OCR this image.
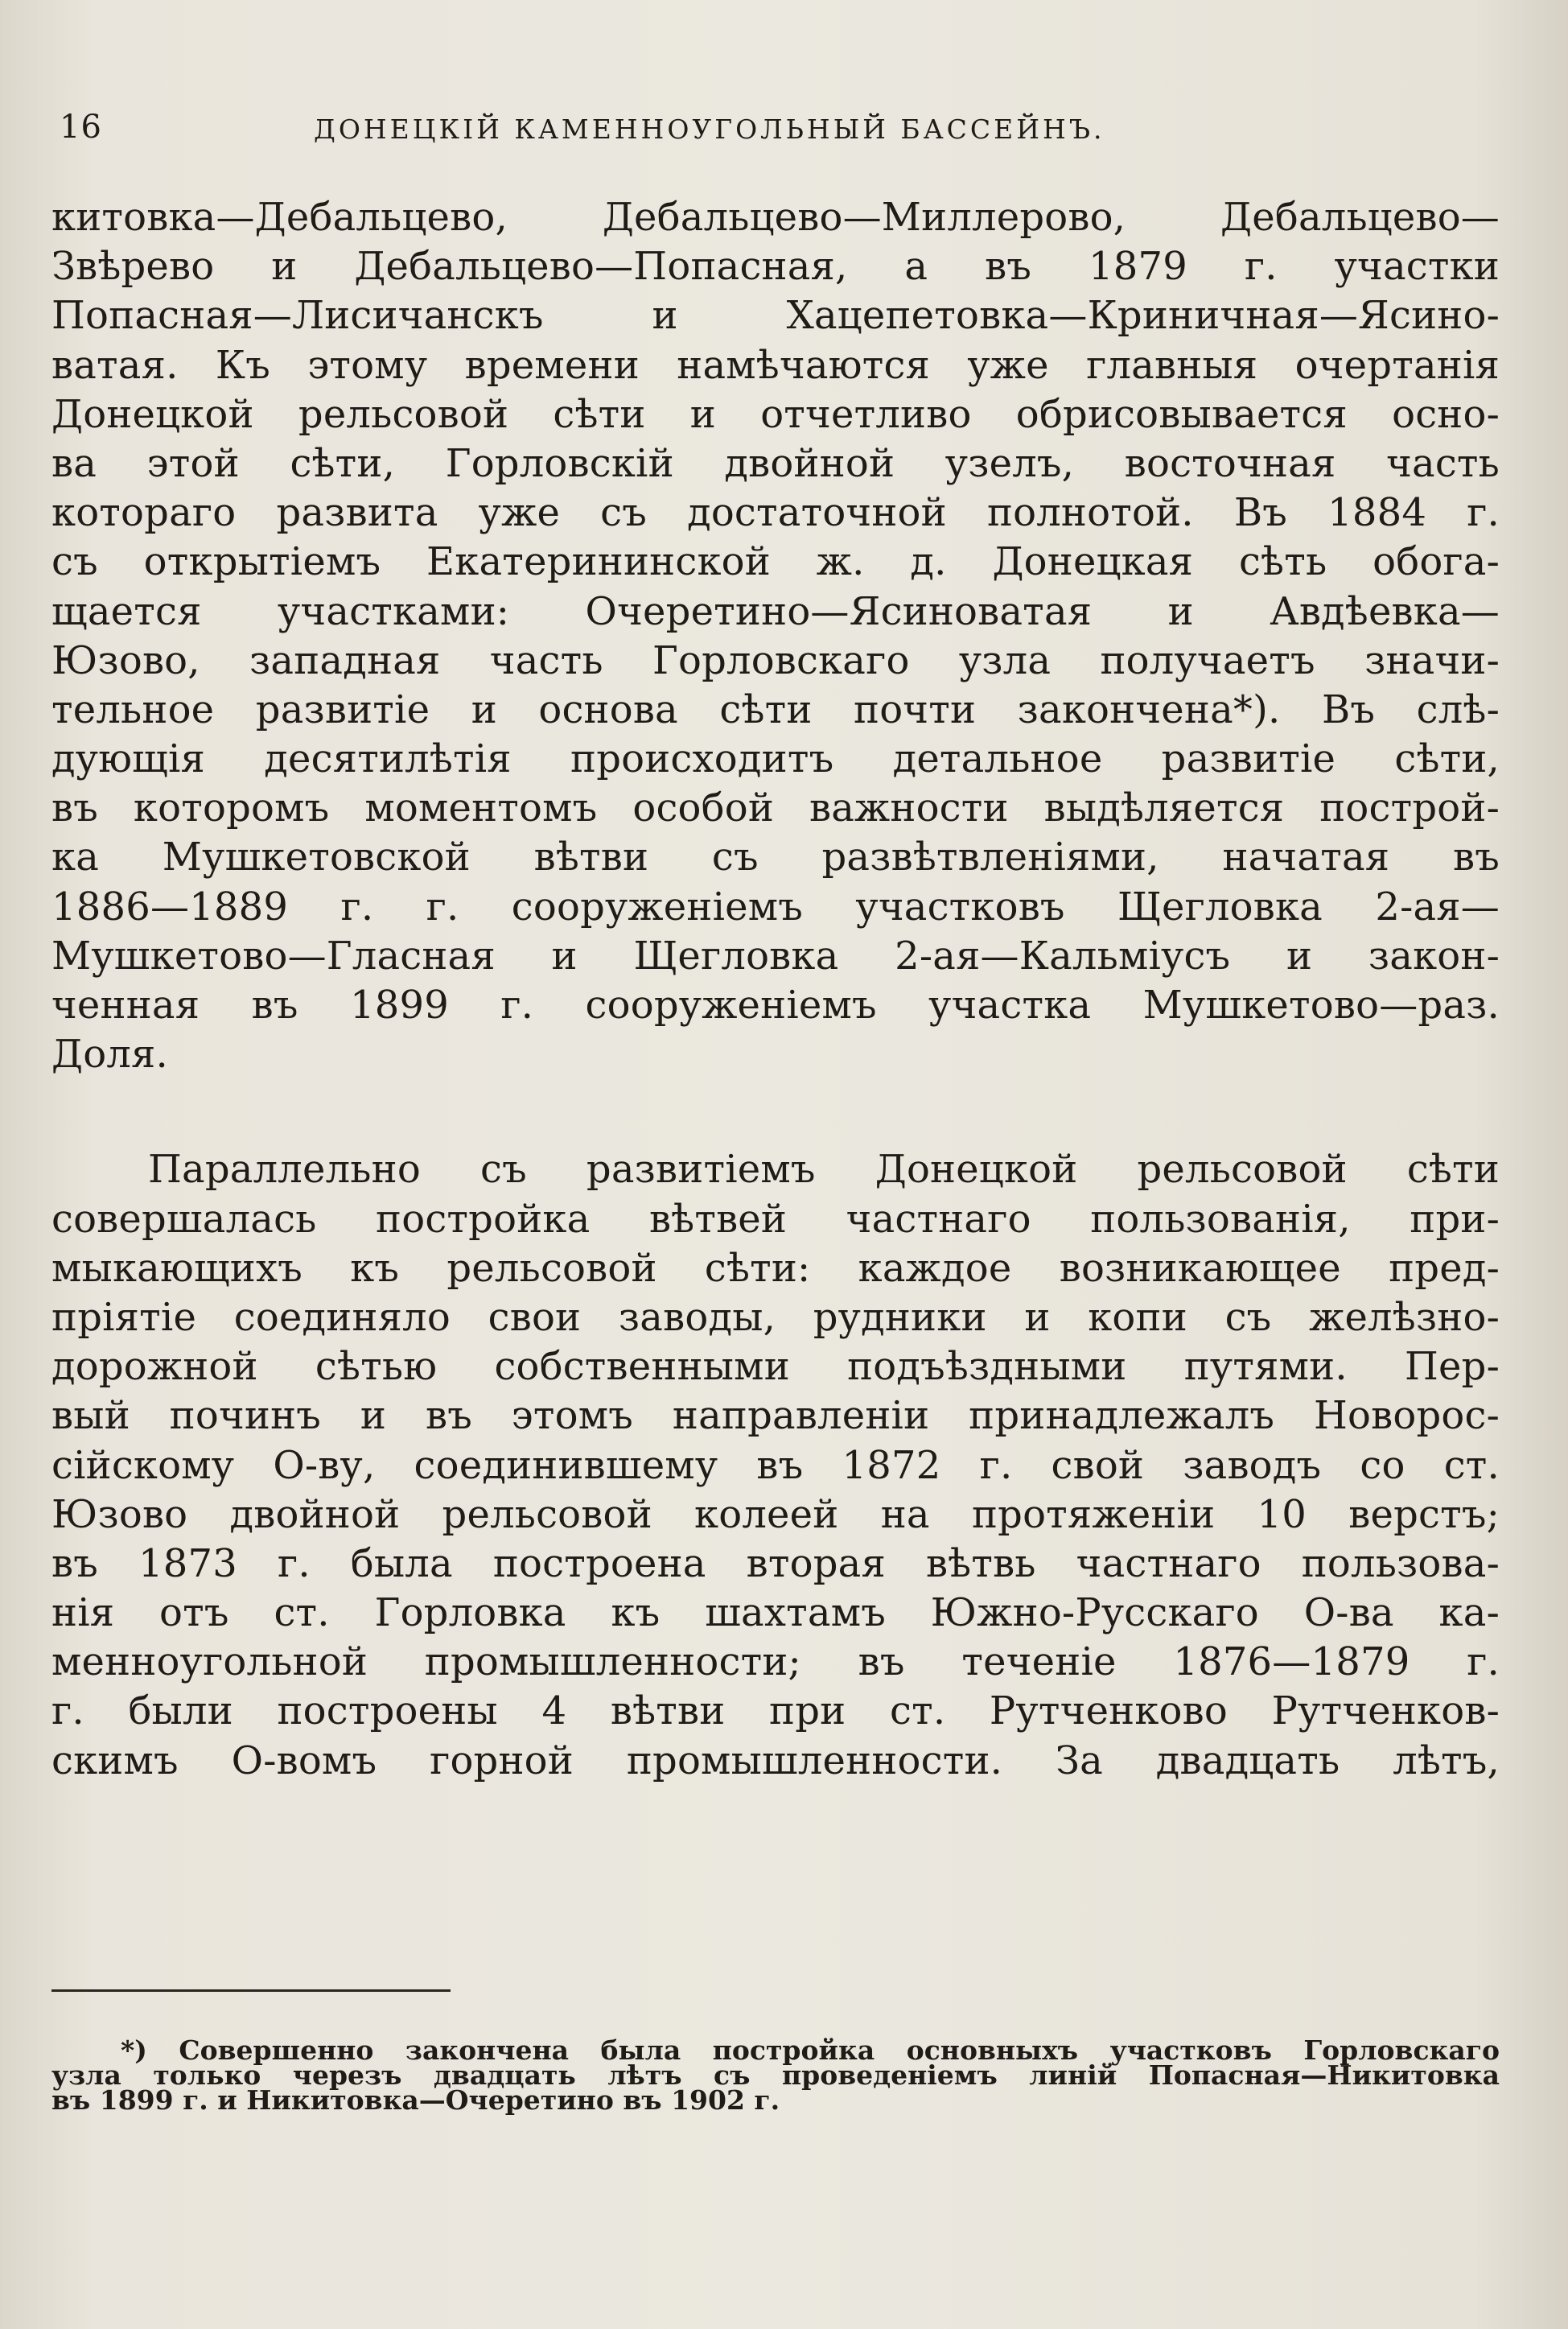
16	ДОНЕЦКІЙ КАМЕННОУГОЛЬНЫЙ БАССЕЙНЪ.
китовка—Дебальцево, Дебальцево—Миллерово, Дебальцево—
Звѣрево и Дебальцево—Попасная, а въ 1879 г. участки
Попасная—Лисичанскъ и Хацепетовка—Криничная—Ясино-
ватая. Къ этому времени намѣчаются уже главныя очертанія
Донецкой рельсовой сѣти и отчетливо обрисовывается осно-
ва этой сѣти, Горловскій двойной узелъ, восточная часть
котораго развита уже съ достаточной полнотой. Въ 1884 г.
съ открытіемъ Екатерининской ж. д. Донецкая сѣть обога-
щается участками: Очеретино—Ясиноватая и Авдѣевка—
Юзово, западная часть Горловскаго узла получаетъ значи-
тельное развитіе и основа сѣти почти закончена*). Въ слѣ-
дующія десятилѣтія происходитъ детальное развитіе сѣти,
въ которомъ моментомъ особой важности выдѣляется построй-
ка Мушкетовской вѣтви съ развѣтвленіями, начатая въ
1886—1889 г. г. сооруженіемъ участковъ Щегловка 2-ая—
Мушкетово—Гласная и Щегловка 2-ая—Кальміусъ и закон-
ченная въ 1899 г. сооруженіемъ участка Мушкетово—раз.
Доля.
Параллельно съ развитіемъ Донецкой рельсовой сѣти
совершалась постройка вѣтвей частнаго пользованія, при-
мыкающихъ къ рельсовой сѣти: каждое возникающее пред-
пріятіе соединяло свои заводы, рудники и копи съ желѣзно-
дорожной сѣтью собственными подъѣздными путями. Пер-
вый починъ и въ этомъ направленіи принадлежалъ Новорос-
сійскому О-ву, соединившему въ 1872 г. свой заводъ со ст.
Юзово двойной рельсовой колеей на протяженіи 10 верстъ;
въ 1873 г. была построена вторая вѣтвь частнаго пользова-
нія отъ ст. Горловка къ шахтамъ Южно-Русскаго О-ва ка-
менноугольной промышленности; въ теченіе 1876—1879 г.
г. были построены 4 вѣтви при ст. Рутченково Рутченков-
скимъ О-вомъ горной промышленности. За двадцать лѣтъ,
*) Совершенно закончена была постройка основныхъ участковъ Горловскаго
узла только черезъ двадцать лѣтъ съ проведеніемъ линій Попасная—Никитовка
въ 1899 г. и Никитовка—Очеретино въ 1902 г.
